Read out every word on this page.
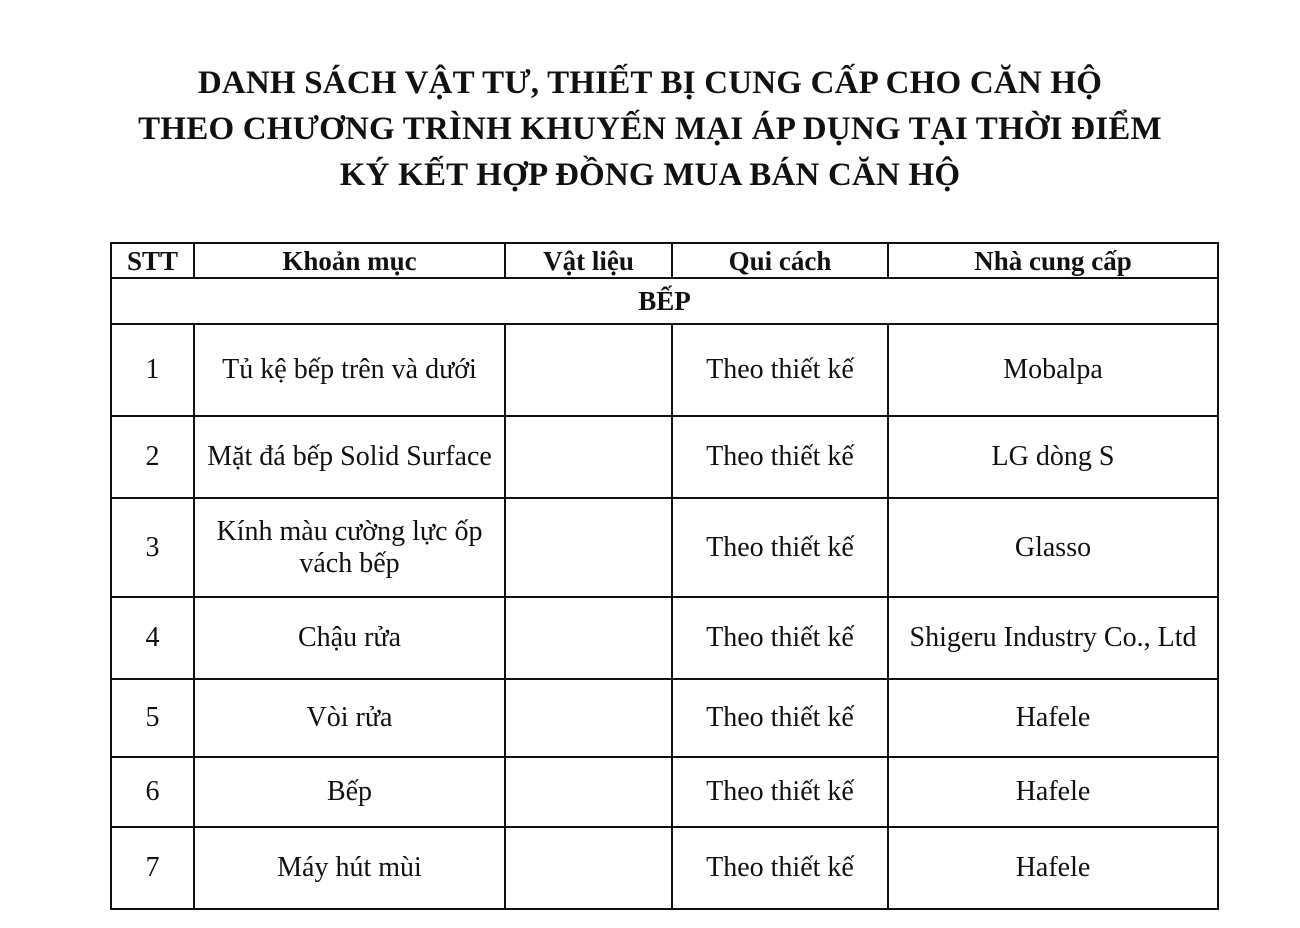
DANH SÁCH VẬT TƯ, THIẾT BỊ CUNG CẤP CHO CĂN HỘ
THEO CHƯƠNG TRÌNH KHUYẾN MẠI ÁP DỤNG TẠI THỜI ĐIỂM
KÝ KẾT HỢP ĐỒNG MUA BÁN CĂN HỘ
STT	Khoản mục	Vật liệu	Qui cách	Nhà cung cấp
BẾP				
1	Tủ kệ bếp trên và dưới		Theo thiết kế	Mobalpa
2	Mặt đá bếp Solid Surface		Theo thiết kế	LG dòng S
3	Kính màu cường lực ốp vách bếp		Theo thiết kế	Glasso
4	Chậu rửa		Theo thiết kế	Shigeru Industry Co., Ltd
5	Vòi rửa		Theo thiết kế	Hafele
6	Bếp		Theo thiết kế	Hafele
7	Máy hút mùi		Theo thiết kế	Hafele
